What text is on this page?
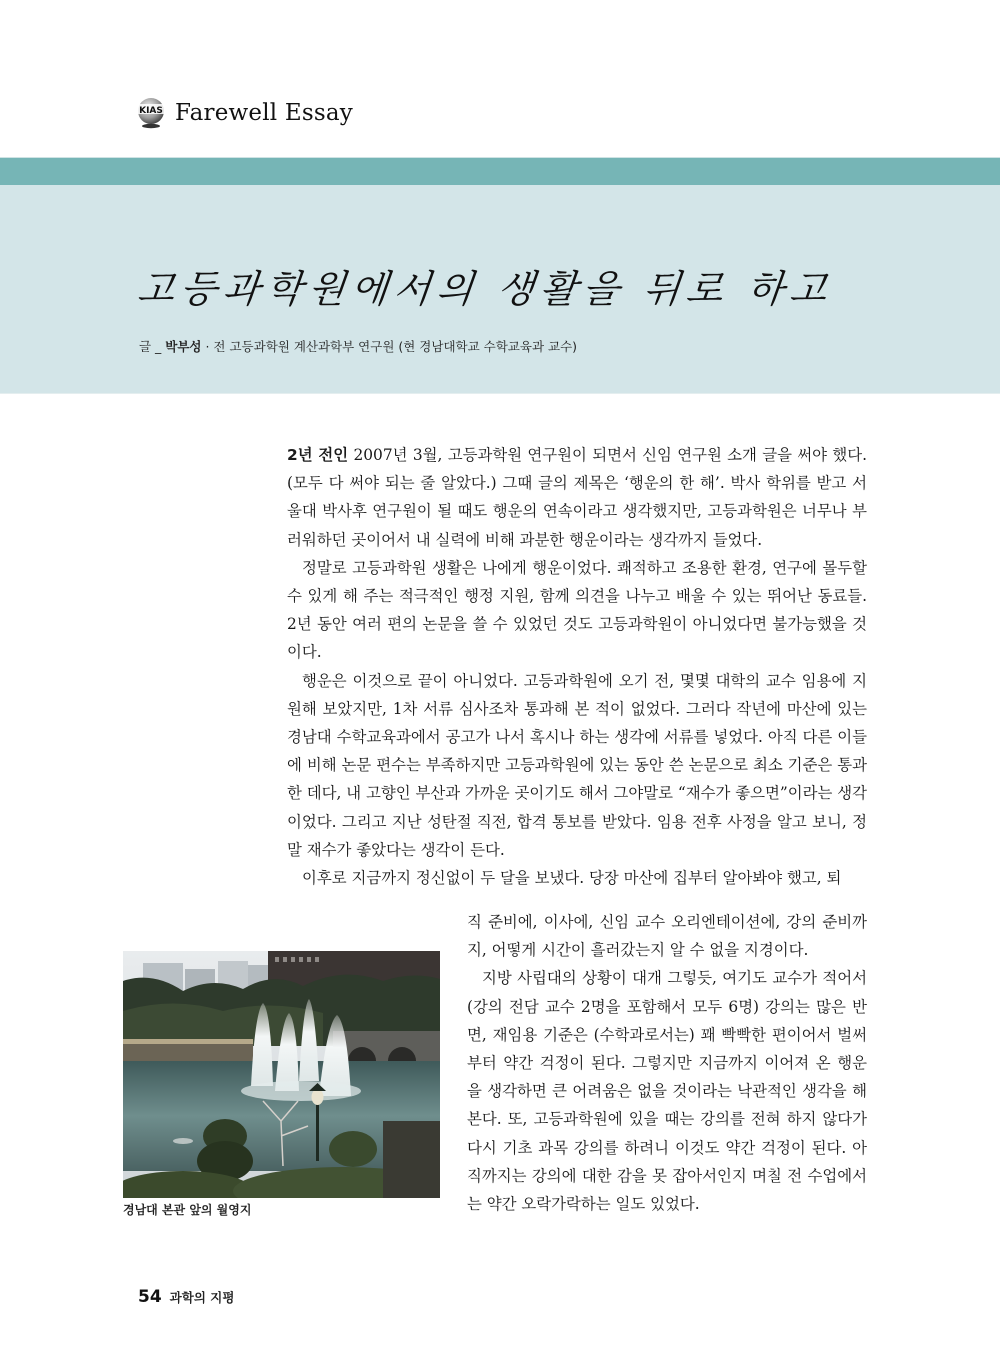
KIAS Farewell Essay
고등과학원에서의 생활을 뒤로 하고
글 _ 박부성 · 전 고등과학원 계산과학부 연구원 (현 경남대학교 수학교육과 교수)

2년 전인 2007년 3월, 고등과학원 연구원이 되면서 신임 연구원 소개 글을 써야 했다. (모두 다 써야 되는 줄 알았다.) 그때 글의 제목은 ‘행운의 한 해’. 박사 학위를 받고 서울대 박사후 연구원이 될 때도 행운의 연속이라고 생각했지만, 고등과학원은 너무나 부러워하던 곳이어서 내 실력에 비해 과분한 행운이라는 생각까지 들었다.

정말로 고등과학원 생활은 나에게 행운이었다. 쾌적하고 조용한 환경, 연구에 몰두할 수 있게 해 주는 적극적인 행정 지원, 함께 의견을 나누고 배울 수 있는 뛰어난 동료들. 2년 동안 여러 편의 논문을 쓸 수 있었던 것도 고등과학원이 아니었다면 불가능했을 것이다.

행운은 이것으로 끝이 아니었다. 고등과학원에 오기 전, 몇몇 대학의 교수 임용에 지원해 보았지만, 1차 서류 심사조차 통과해 본 적이 없었다. 그러다 작년에 마산에 있는 경남대 수학교육과에서 공고가 나서 혹시나 하는 생각에 서류를 넣었다. 아직 다른 이들에 비해 논문 편수는 부족하지만 고등과학원에 있는 동안 쓴 논문으로 최소 기준은 통과한 데다, 내 고향인 부산과 가까운 곳이기도 해서 그야말로 “재수가 좋으면”이라는 생각이었다. 그리고 지난 성탄절 직전, 합격 통보를 받았다. 임용 전후 사정을 알고 보니, 정말 재수가 좋았다는 생각이 든다.

이후로 지금까지 정신없이 두 달을 보냈다. 당장 마산에 집부터 알아봐야 했고, 퇴

직 준비에, 이사에, 신임 교수 오리엔테이션에, 강의 준비까지, 어떻게 시간이 흘러갔는지 알 수 없을 지경이다.

지방 사립대의 상황이 대개 그렇듯, 여기도 교수가 적어서 (강의 전담 교수 2명을 포함해서 모두 6명) 강의는 많은 반면, 재임용 기준은 (수학과로서는) 꽤 빡빡한 편이어서 벌써부터 약간 걱정이 된다. 그렇지만 지금까지 이어져 온 행운을 생각하면 큰 어려움은 없을 것이라는 낙관적인 생각을 해 본다. 또, 고등과학원에 있을 때는 강의를 전혀 하지 않다가 다시 기초 과목 강의를 하려니 이것도 약간 걱정이 된다. 아직까지는 강의에 대한 감을 못 잡아서인지 며칠 전 수업에서는 약간 오락가락하는 일도 있었다.

경남대 본관 앞의 월영지
54 과학의 지평
